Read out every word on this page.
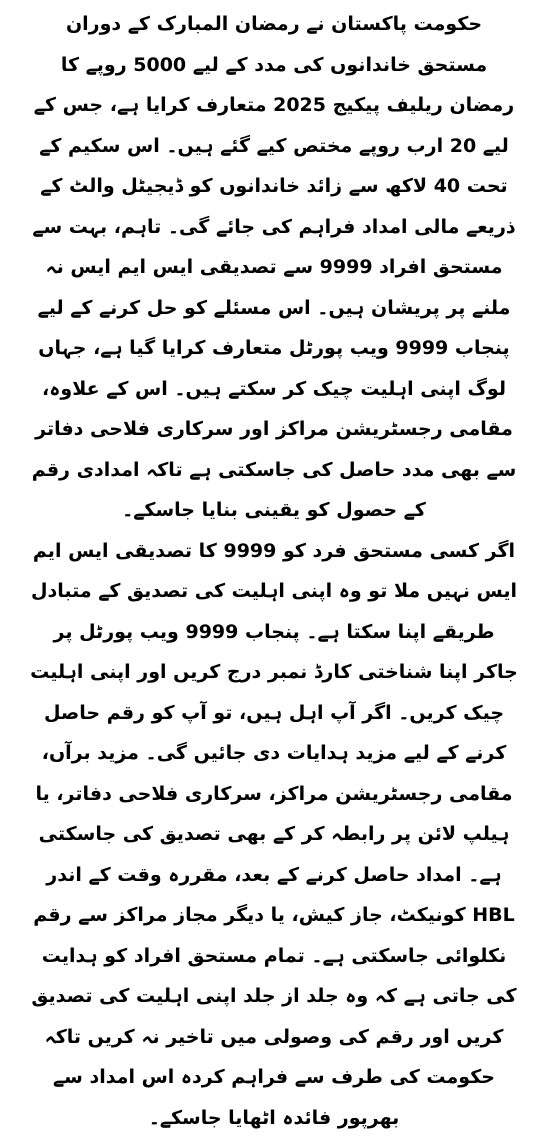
حکومت پاکستان نے رمضان المبارک کے دوران مستحق خاندانوں کی مدد کے لیے 5000 روپے کا رمضان ریلیف پیکیج 2025 متعارف کرایا ہے، جس کے لیے 20 ارب روپے مختص کیے گئے ہیں۔ اس سکیم کے تحت 40 لاکھ سے زائد خاندانوں کو ڈیجیٹل والٹ کے ذریعے مالی امداد فراہم کی جائے گی۔ تاہم، بہت سے مستحق افراد 9999 سے تصدیقی ایس ایم ایس نہ ملنے پر پریشان ہیں۔ اس مسئلے کو حل کرنے کے لیے پنجاب 9999 ویب پورٹل متعارف کرایا گیا ہے، جہاں لوگ اپنی اہلیت چیک کر سکتے ہیں۔ اس کے علاوہ، مقامی رجسٹریشن مراکز اور سرکاری فلاحی دفاتر سے بھی مدد حاصل کی جاسکتی ہے تاکہ امدادی رقم کے حصول کو یقینی بنایا جاسکے۔

اگر کسی مستحق فرد کو 9999 کا تصدیقی ایس ایم ایس نہیں ملا تو وہ اپنی اہلیت کی تصدیق کے متبادل طریقے اپنا سکتا ہے۔ پنجاب 9999 ویب پورٹل پر جاکر اپنا شناختی کارڈ نمبر درج کریں اور اپنی اہلیت چیک کریں۔ اگر آپ اہل ہیں، تو آپ کو رقم حاصل کرنے کے لیے مزید ہدایات دی جائیں گی۔ مزید برآں، مقامی رجسٹریشن مراکز، سرکاری فلاحی دفاتر، یا ہیلپ لائن پر رابطہ کر کے بھی تصدیق کی جاسکتی ہے۔ امداد حاصل کرنے کے بعد، مقررہ وقت کے اندر HBL کونیکٹ، جاز کیش، یا دیگر مجاز مراکز سے رقم نکلوائی جاسکتی ہے۔ تمام مستحق افراد کو ہدایت کی جاتی ہے کہ وہ جلد از جلد اپنی اہلیت کی تصدیق کریں اور رقم کی وصولی میں تاخیر نہ کریں تاکہ حکومت کی طرف سے فراہم کردہ اس امداد سے بھرپور فائدہ اٹھایا جاسکے۔
